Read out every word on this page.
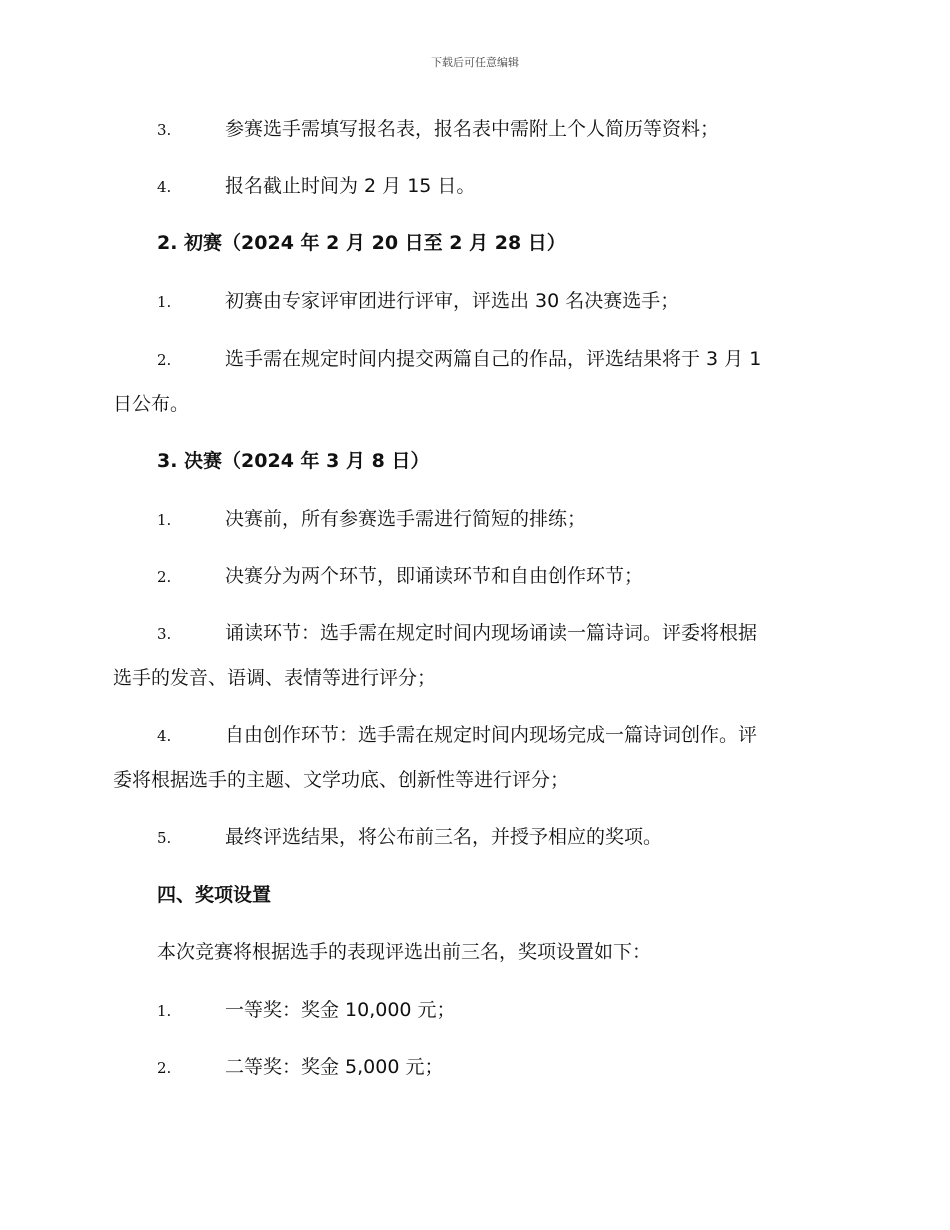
下载后可任意编辑
3.	参赛选手需填写报名表，报名表中需附上个人简历等资料；
4.	报名截止时间为 2 月 15 日。
2. 初赛（2024 年 2 月 20 日至 2 月 28 日）
1.	初赛由专家评审团进行评审，评选出 30 名决赛选手；
2.	选手需在规定时间内提交两篇自己的作品，评选结果将于 3 月 1
日公布。
3. 决赛（2024 年 3 月 8 日）
1.	决赛前，所有参赛选手需进行简短的排练；
2.	决赛分为两个环节，即诵读环节和自由创作环节；
3.	诵读环节：选手需在规定时间内现场诵读一篇诗词。评委将根据
选手的发音、语调、表情等进行评分；
4.	自由创作环节：选手需在规定时间内现场完成一篇诗词创作。评
委将根据选手的主题、文学功底、创新性等进行评分；
5.	最终评选结果，将公布前三名，并授予相应的奖项。
四、奖项设置
本次竞赛将根据选手的表现评选出前三名，奖项设置如下：
1.	一等奖：奖金 10,000 元；
2.	二等奖：奖金 5,000 元；
